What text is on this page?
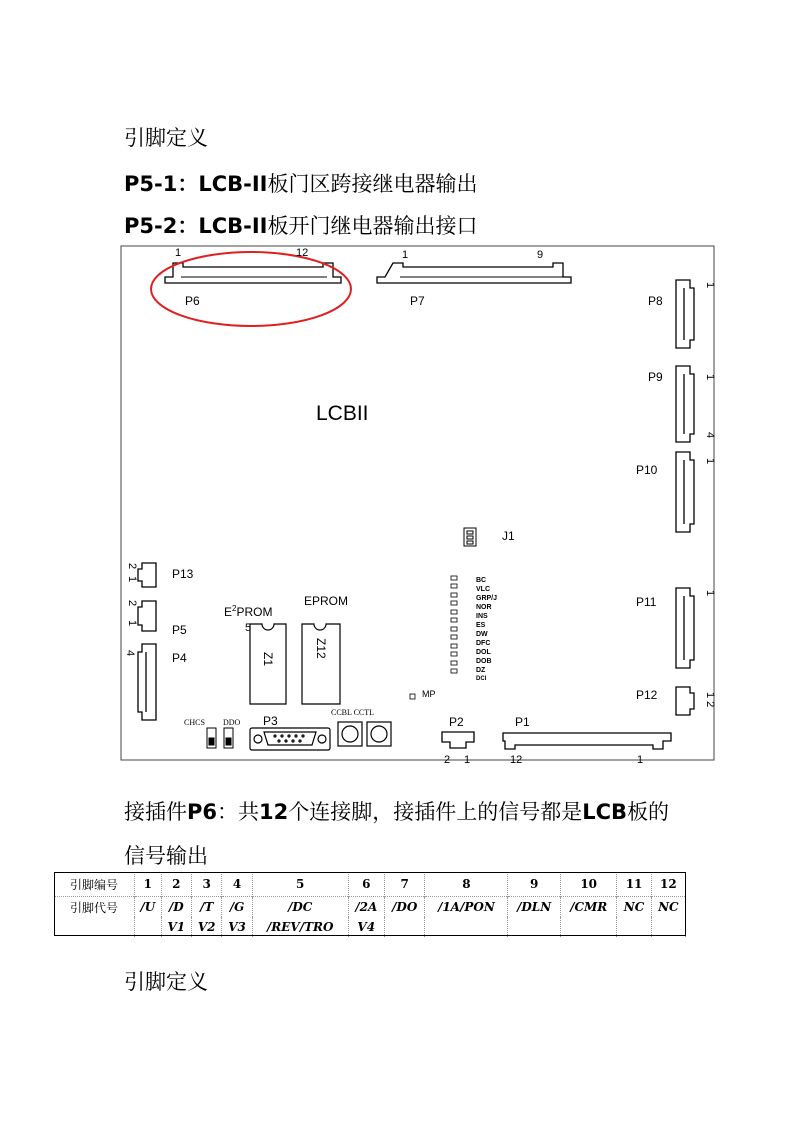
引脚定义
P5-1：LCB-II板门区跨接继电器输出
P5-2：LCB-II板开门继电器输出接口
LCBII
1	12
P6
1	9
P7	P8
1
P9	1
4
P10
1
J1
P11
1
P12	1 2
2
1	P13
2
1	P5
4	P4
$E^2PROM$
EPROM
5
Z1
Z12
BC
VLC
GRP/J
NOR
INS
ES
DW
DFC
DOL
DOB
DZ
DCI
MP
CHCS DDO P3
CCBL CCTL
P2
2 1
P1
12	1
接插件P6：共12个连接脚，接插件上的信号都是LCB板的
信号输出
引脚编号	1	2	3	4	5	6	7	8	9	10	11	12
引脚代号	/U	/D	/T	/G	/DC	/2A	/DO	/1A/PON	/DLN	/CMR	NC	NC
		V1	V2	V3	/REV/TRO	V4						
引脚定义
